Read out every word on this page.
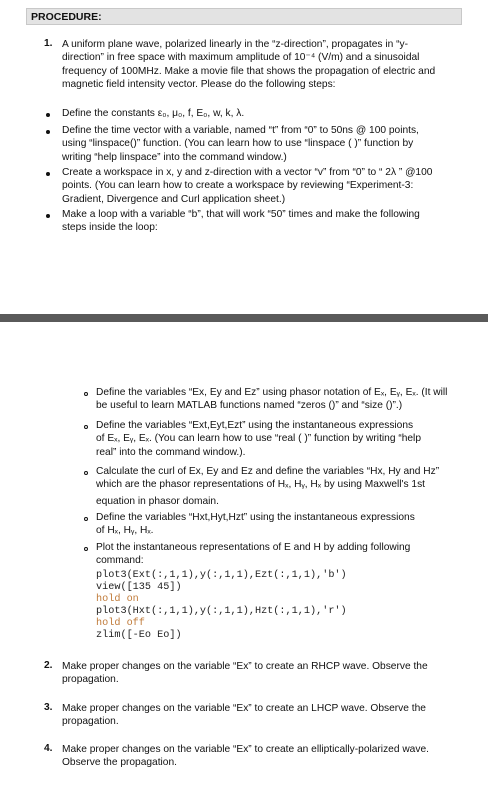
PROCEDURE:
1. A uniform plane wave, polarized linearly in the “z-direction”, propagates in “y-
direction” in free space with maximum amplitude of 10⁻⁴ (V/m) and a sinusoidal
frequency of 100MHz. Make a movie file that shows the propagation of electric and
magnetic field intensity vector. Please do the following steps:
Define the constants ε₀, μ₀, f, E₀, w, k, λ.
Define the time vector with a variable, named “t” from “0” to 50ns @ 100 points,
using “linspace()” function. (You can learn how to use “linspace ( )” function by
writing “help linspace” into the command window.)
Create a workspace in x, y and z-direction with a vector “v” from “0” to “ 2λ ” @100
points. (You can learn how to create a workspace by reviewing “Experiment-3:
Gradient, Divergence and Curl application sheet.)
Make a loop with a variable “b”, that will work “50” times and make the following
steps inside the loop:
Define the variables “Ex, Ey and Ez” using phasor notation of Eₓ, Eᵧ, Eₓ. (It will
be useful to learn MATLAB functions named “zeros ()” and “size ()”.)
Define the variables “Ext,Eyt,Ezt” using the instantaneous expressions
of Eₓ, Eᵧ, Eₓ. (You can learn how to use “real ( )” function by writing “help
real” into the command window.).
Calculate the curl of Ex, Ey and Ez and define the variables “Hx, Hy and Hz”
which are the phasor representations of Hₓ, Hᵧ, Hₓ by using Maxwell's 1st
equation in phasor domain.
Define the variables “Hxt,Hyt,Hzt” using the instantaneous expressions
of Hₓ, Hᵧ, Hₓ.
Plot the instantaneous representations of E and H by adding following
command:
plot3(Ext(:,1,1),y(:,1,1),Ezt(:,1,1),'b')
view([135 45])
hold on
plot3(Hxt(:,1,1),y(:,1,1),Hzt(:,1,1),'r')
hold off
zlim([-Eo Eo])
2. Make proper changes on the variable “Ex” to create an RHCP wave. Observe the
propagation.
3. Make proper changes on the variable “Ex” to create an LHCP wave. Observe the
propagation.
4. Make proper changes on the variable “Ex” to create an elliptically-polarized wave.
Observe the propagation.
